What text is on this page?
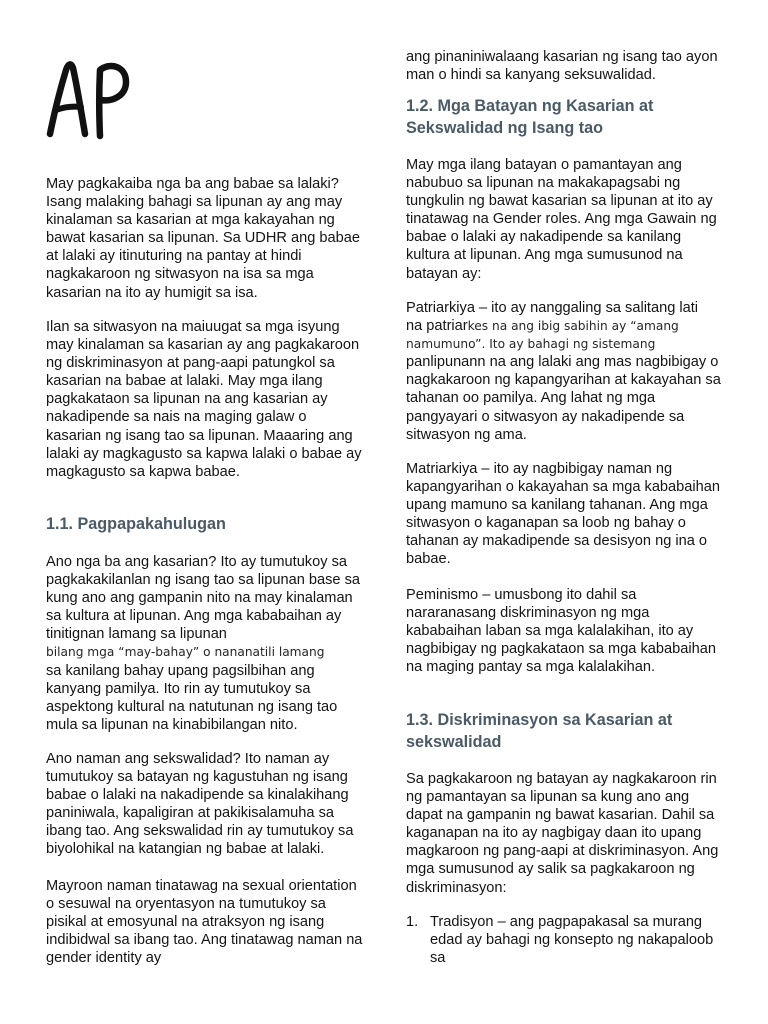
May pagkakaiba nga ba ang babae sa lalaki? Isang malaking bahagi sa lipunan ay ang may kinalaman sa kasarian at mga kakayahan ng bawat kasarian sa lipunan. Sa UDHR ang babae at lalaki ay itinuturing na pantay at hindi nagkakaroon ng sitwasyon na isa sa mga kasarian na ito ay humigit sa isa.

Ilan sa sitwasyon na maiuugat sa mga isyung may kinalaman sa kasarian ay ang pagkakaroon ng diskriminasyon at pang-aapi patungkol sa kasarian na babae at lalaki. May mga ilang pagkakataon sa lipunan na ang kasarian ay nakadipende sa nais na maging galaw o kasarian ng isang tao sa lipunan. Maaaring ang lalaki ay magkagusto sa kapwa lalaki o babae ay magkagusto sa kapwa babae.

1.1. Pagpapakahulugan

Ano nga ba ang kasarian? Ito ay tumutukoy sa pagkakakilanlan ng isang tao sa lipunan base sa kung ano ang gampanin nito na may kinalaman sa kultura at lipunan. Ang mga kababaihan ay tinitignan lamang sa lipunan

bilang mga “may-bahay” o nananatili lamang

sa kanilang bahay upang pagsilbihan ang kanyang pamilya. Ito rin ay tumutukoy sa aspektong kultural na natutunan ng isang tao mula sa lipunan na kinabibilangan nito.

Ano naman ang sekswalidad? Ito naman ay tumutukoy sa batayan ng kagustuhan ng isang babae o lalaki na nakadipende sa kinalakihang paniniwala, kapaligiran at pakikisalamuha sa ibang tao. Ang sekswalidad rin ay tumutukoy sa biyolohikal na katangian ng babae at lalaki.

Mayroon naman tinatawag na sexual orientation o sesuwal na oryentasyon na tumutukoy sa pisikal at emosyunal na atraksyon ng isang indibidwal sa ibang tao. Ang tinatawag naman na gender identity ay

ang pinaniniwalaang kasarian ng isang tao ayon man o hindi sa kanyang seksuwalidad.

1.2. Mga Batayan ng Kasarian at Sekswalidad ng Isang tao

May mga ilang batayan o pamantayan ang nabubuo sa lipunan na makakapagsabi ng tungkulin ng bawat kasarian sa lipunan at ito ay tinatawag na Gender roles. Ang mga Gawain ng babae o lalaki ay nakadipende sa kanilang kultura at lipunan. Ang mga sumusunod na batayan ay:

Patriarkiya – ito ay nanggaling sa salitang lati

na patriarkes na ang ibig sabihin ay “amang

namumuno”. Ito ay bahagi ng sistemang

panlipunann na ang lalaki ang mas nagbibigay o nagkakaroon ng kapangyarihan at kakayahan sa tahanan oo pamilya. Ang lahat ng mga pangyayari o sitwasyon ay nakadipende sa sitwasyon ng ama.

Matriarkiya – ito ay nagbibigay naman ng kapangyarihan o kakayahan sa mga kababaihan upang mamuno sa kanilang tahanan. Ang mga sitwasyon o kaganapan sa loob ng bahay o tahanan ay makadipende sa desisyon ng ina o babae.

Peminismo – umusbong ito dahil sa nararanasang diskriminasyon ng mga kababaihan laban sa mga kalalakihan, ito ay nagbibigay ng pagkakataon sa mga kababaihan na maging pantay sa mga kalalakihan.

1.3. Diskriminasyon sa Kasarian at sekswalidad

Sa pagkakaroon ng batayan ay nagkakaroon rin ng pamantayan sa lipunan sa kung ano ang dapat na gampanin ng bawat kasarian. Dahil sa kaganapan na ito ay nagbigay daan ito upang magkaroon ng pang-aapi at diskriminasyon. Ang mga sumusunod ay salik sa pagkakaroon ng diskriminasyon:

1. Tradisyon – ang pagpapakasal sa murang edad ay bahagi ng konsepto ng nakapaloob sa
